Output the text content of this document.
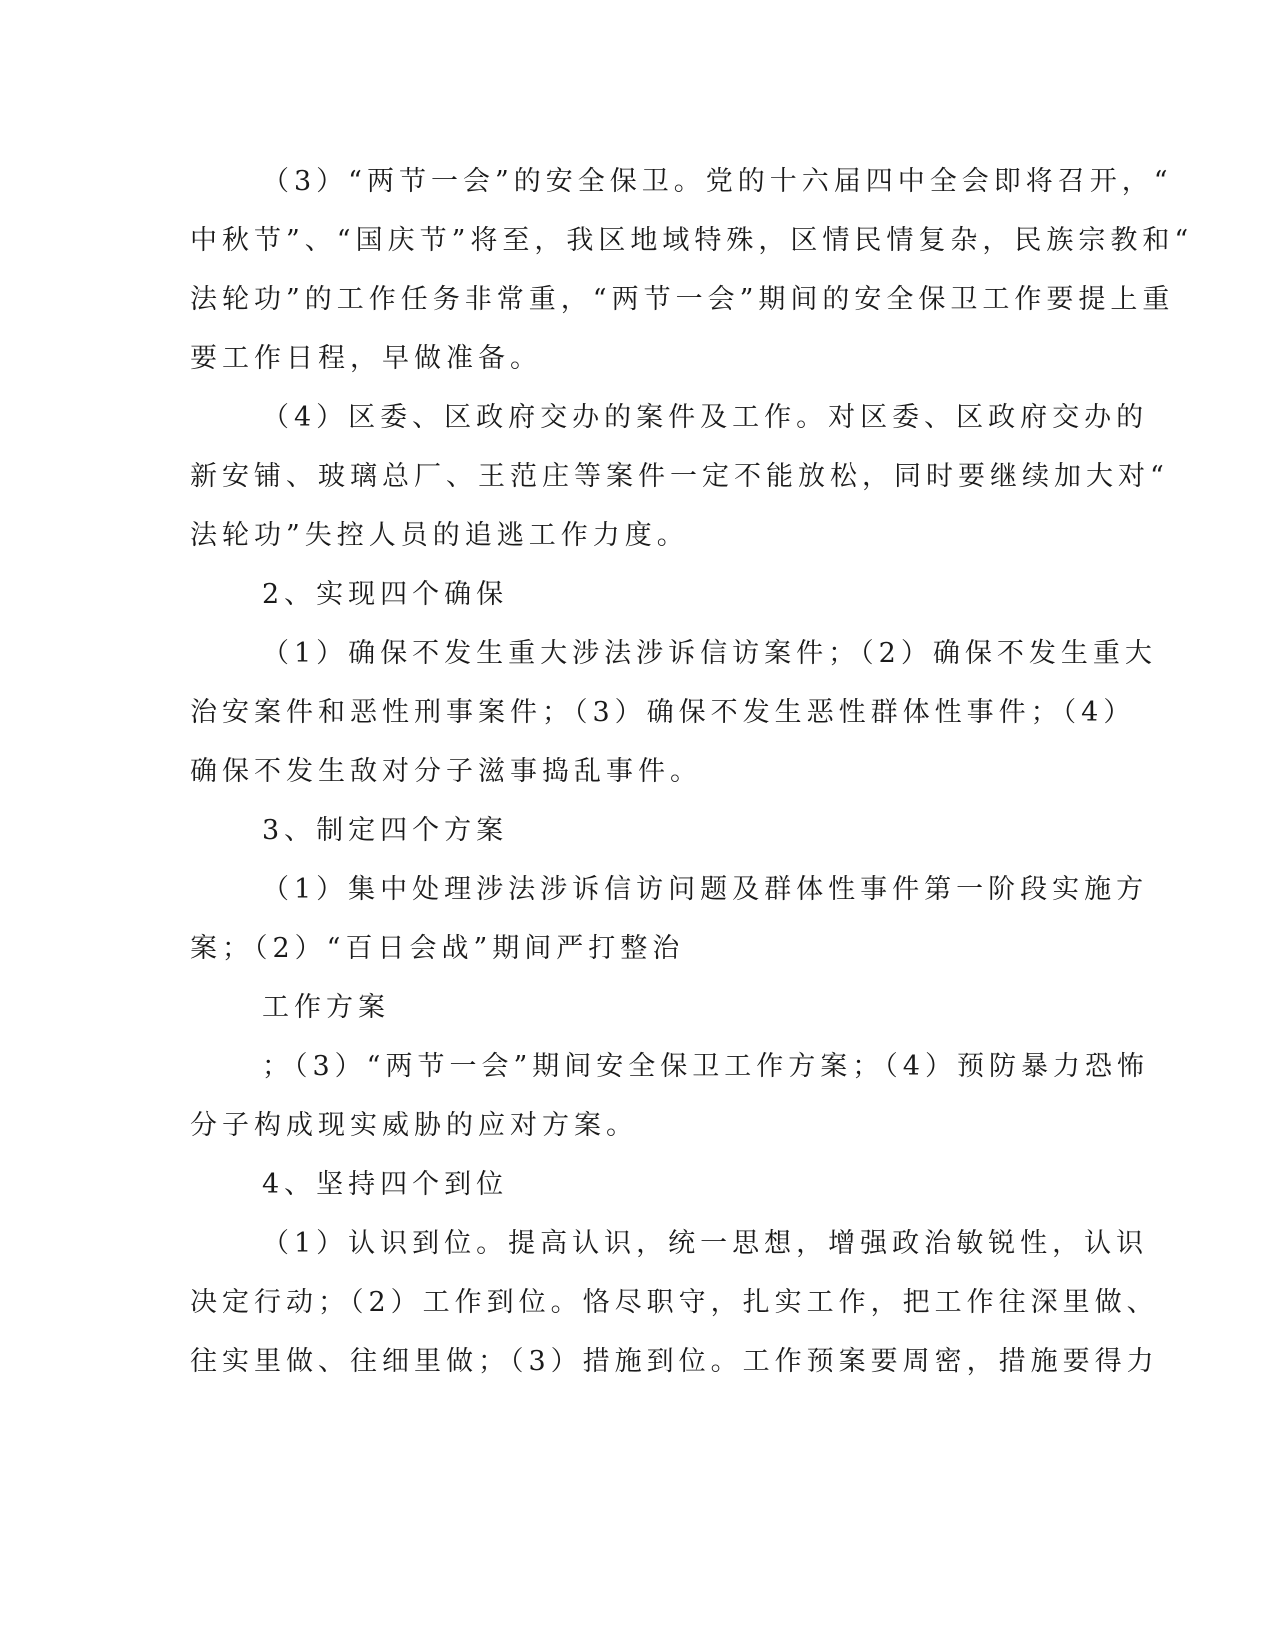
（3）“两节一会”的安全保卫。党的十六届四中全会即将召开，“
中秋节”、“国庆节”将至，我区地域特殊，区情民情复杂，民族宗教和“
法轮功”的工作任务非常重，“两节一会”期间的安全保卫工作要提上重
要工作日程，早做准备。
（4）区委、区政府交办的案件及工作。对区委、区政府交办的
新安铺、玻璃总厂、王范庄等案件一定不能放松，同时要继续加大对“
法轮功”失控人员的追逃工作力度。
2、实现四个确保
（1）确保不发生重大涉法涉诉信访案件；（2）确保不发生重大
治安案件和恶性刑事案件；（3）确保不发生恶性群体性事件；（4）
确保不发生敌对分子滋事捣乱事件。
3、制定四个方案
（1）集中处理涉法涉诉信访问题及群体性事件第一阶段实施方
案；（2）“百日会战”期间严打整治
工作方案
；（3）“两节一会”期间安全保卫工作方案；（4）预防暴力恐怖
分子构成现实威胁的应对方案。
4、坚持四个到位
（1）认识到位。提高认识，统一思想，增强政治敏锐性，认识
决定行动；（2）工作到位。恪尽职守，扎实工作，把工作往深里做、
往实里做、往细里做；（3）措施到位。工作预案要周密，措施要得力
